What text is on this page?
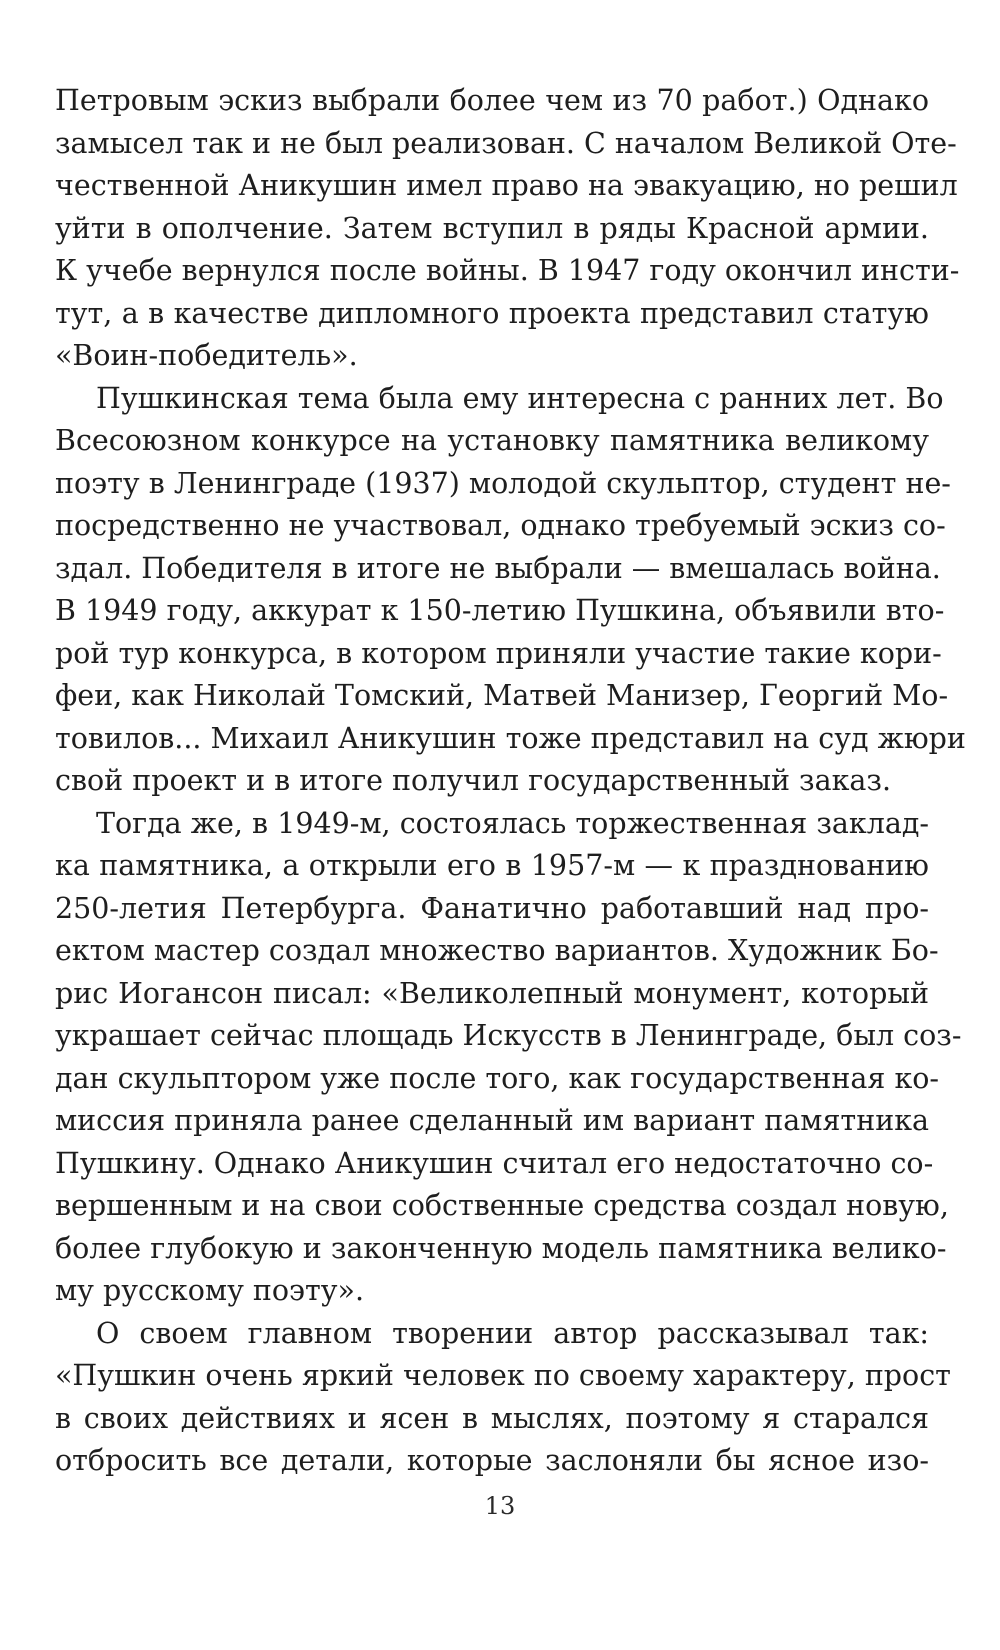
Петровым эскиз выбрали более чем из 70 работ.) Однако
замысел так и не был реализован. С началом Великой Оте-
чественной Аникушин имел право на эвакуацию, но решил
уйти в ополчение. Затем вступил в ряды Красной армии.
К учебе вернулся после войны. В 1947 году окончил инсти-
тут, а в качестве дипломного проекта представил статую
«Воин-победитель».
Пушкинская тема была ему интересна с ранних лет. Во
Всесоюзном конкурсе на установку памятника великому
поэту в Ленинграде (1937) молодой скульптор, студент не-
посредственно не участвовал, однако требуемый эскиз со-
здал. Победителя в итоге не выбрали — вмешалась война.
В 1949 году, аккурат к 150-летию Пушкина, объявили вто-
рой тур конкурса, в котором приняли участие такие кори-
феи, как Николай Томский, Матвей Манизер, Георгий Мо-
товилов... Михаил Аникушин тоже представил на суд жюри
свой проект и в итоге получил государственный заказ.
Тогда же, в 1949-м, состоялась торжественная заклад-
ка памятника, а открыли его в 1957-м — к празднованию
250-летия Петербурга. Фанатично работавший над про-
ектом мастер создал множество вариантов. Художник Бо-
рис Иогансон писал: «Великолепный монумент, который
украшает сейчас площадь Искусств в Ленинграде, был соз-
дан скульптором уже после того, как государственная ко-
миссия приняла ранее сделанный им вариант памятника
Пушкину. Однако Аникушин считал его недостаточно со-
вершенным и на свои собственные средства создал новую,
более глубокую и законченную модель памятника велико-
му русскому поэту».
О своем главном творении автор рассказывал так:
«Пушкин очень яркий человек по своему характеру, прост
в своих действиях и ясен в мыслях, поэтому я старался
отбросить все детали, которые заслоняли бы ясное изо-
13
